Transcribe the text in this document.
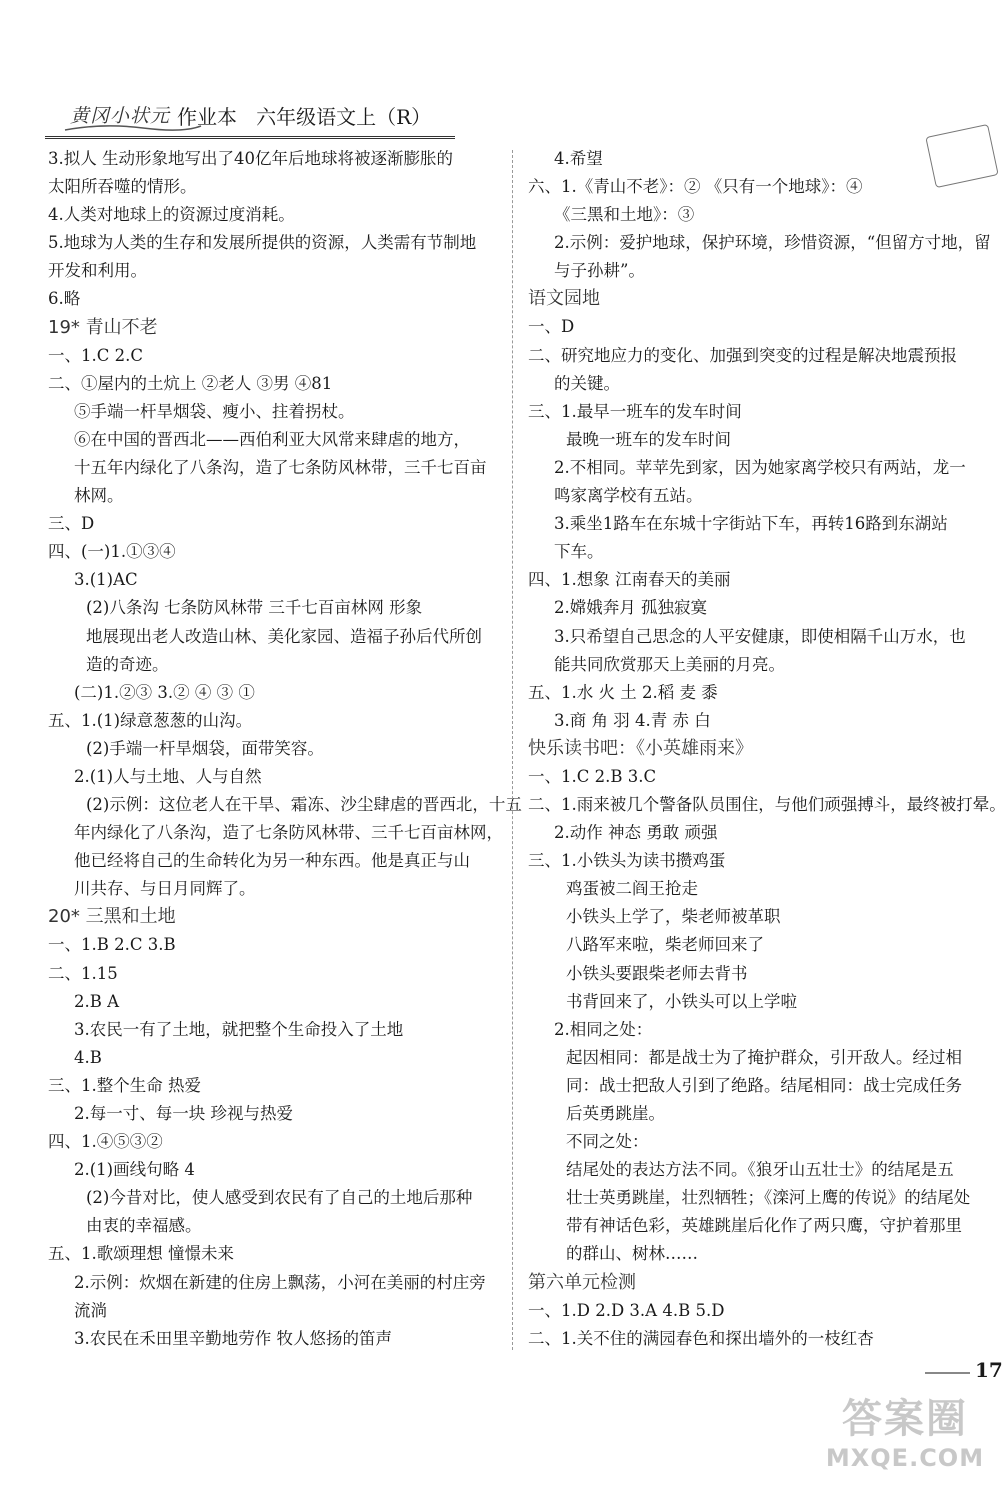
黄冈小状元 作业本   六年级语文上（R）
3.拟人 生动形象地写出了40亿年后地球将被逐渐膨胀的
太阳所吞噬的情形。
4.人类对地球上的资源过度消耗。
5.地球为人类的生存和发展所提供的资源，人类需有节制地
开发和利用。
6.略
19* 青山不老
一、1.C 2.C
二、①屋内的土炕上 ②老人 ③男 ④81
⑤手端一杆旱烟袋、瘦小、拄着拐杖。
⑥在中国的晋西北——西伯利亚大风常来肆虐的地方，
十五年内绿化了八条沟，造了七条防风林带，三千七百亩
林网。
三、D
四、(一)1.①③④
3.(1)AC
(2)八条沟 七条防风林带 三千七百亩林网 形象
地展现出老人改造山林、美化家园、造福子孙后代所创
造的奇迹。
(二)1.②③ 3.② ④ ③ ①
五、1.(1)绿意葱葱的山沟。
(2)手端一杆旱烟袋，面带笑容。
2.(1)人与土地、人与自然
(2)示例：这位老人在干旱、霜冻、沙尘肆虐的晋西北，十五
年内绿化了八条沟，造了七条防风林带、三千七百亩林网，
他已经将自己的生命转化为另一种东西。他是真正与山
川共存、与日月同辉了。
20* 三黑和土地
一、1.B 2.C 3.B
二、1.15
2.B A
3.农民一有了土地，就把整个生命投入了土地
4.B
三、1.整个生命 热爱
2.每一寸、每一块 珍视与热爱
四、1.④⑤③②
2.(1)画线句略 4
(2)今昔对比，使人感受到农民有了自己的土地后那种
由衷的幸福感。
五、1.歌颂理想 憧憬未来
2.示例：炊烟在新建的住房上飘荡，小河在美丽的村庄旁
流淌
3.农民在禾田里辛勤地劳作 牧人悠扬的笛声
4.希望
六、1.《青山不老》：② 《只有一个地球》：④
《三黑和土地》：③
2.示例：爱护地球，保护环境，珍惜资源，“但留方寸地，留
与子孙耕”。
语文园地
一、D
二、研究地应力的变化、加强到突变的过程是解决地震预报
的关键。
三、1.最早一班车的发车时间
最晚一班车的发车时间
2.不相同。苹苹先到家，因为她家离学校只有两站，龙一
鸣家离学校有五站。
3.乘坐1路车在东城十字街站下车，再转16路到东湖站
下车。
四、1.想象 江南春天的美丽
2.嫦娥奔月 孤独寂寞
3.只希望自己思念的人平安健康，即使相隔千山万水，也
能共同欣赏那天上美丽的月亮。
五、1.水 火 土 2.稻 麦 黍
3.商 角 羽 4.青 赤 白
快乐读书吧：《小英雄雨来》
一、1.C 2.B 3.C
二、1.雨来被几个警备队员围住，与他们顽强搏斗，最终被打晕。
2.动作 神态 勇敢 顽强
三、1.小铁头为读书攒鸡蛋
鸡蛋被二阎王抢走
小铁头上学了，柴老师被革职
八路军来啦，柴老师回来了
小铁头要跟柴老师去背书
书背回来了，小铁头可以上学啦
2.相同之处：
起因相同：都是战士为了掩护群众，引开敌人。经过相
同：战士把敌人引到了绝路。结尾相同：战士完成任务
后英勇跳崖。
不同之处：
结尾处的表达方法不同。《狼牙山五壮士》的结尾是五
壮士英勇跳崖，壮烈牺牲；《滦河上鹰的传说》的结尾处
带有神话色彩，英雄跳崖后化作了两只鹰，守护着那里
的群山、树林……
第六单元检测
一、1.D 2.D 3.A 4.B 5.D
二、1.关不住的满园春色和探出墙外的一枝红杏
17
答案圈
MXQE.COM
